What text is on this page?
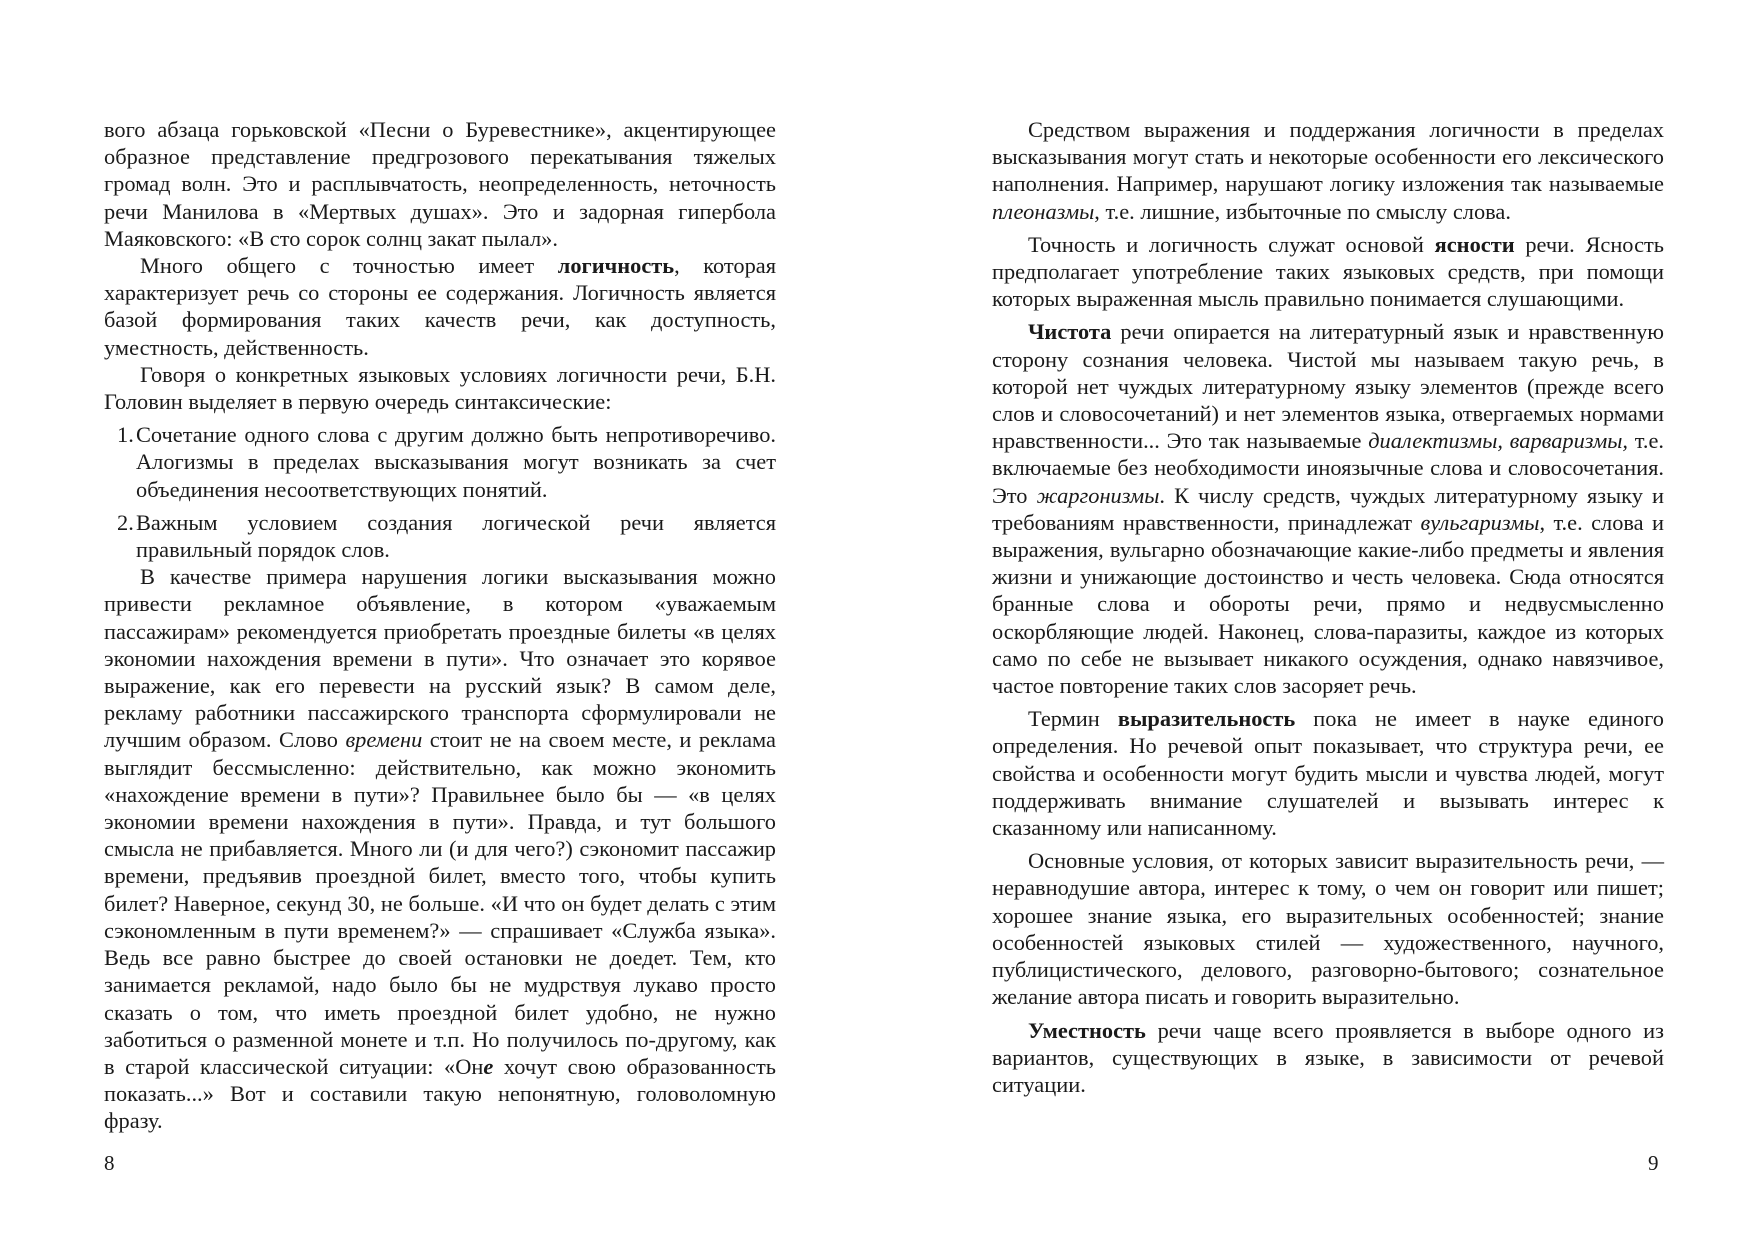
вого абзаца горьковской «Песни о Буревестнике», акцентирующее образное представление предгрозового перекатывания тяжелых громад волн. Это и расплывчатость, неопределенность, неточность речи Манилова в «Мертвых душах». Это и задорная гипербола Маяковского: «В сто сорок солнц закат пылал».

Много общего с точностью имеет логичность, которая характеризует речь со стороны ее содержания. Логичность является базой формирования таких качеств речи, как доступность, уместность, действенность.

Говоря о конкретных языковых условиях логичности речи, Б.Н. Головин выделяет в первую очередь синтаксические:

1. Сочетание одного слова с другим должно быть непротиворечиво. Алогизмы в пределах высказывания могут возникать за счет объединения несоответствующих понятий.
2. Важным условием создания логической речи является правильный порядок слов.

В качестве примера нарушения логики высказывания можно привести рекламное объявление, в котором «уважаемым пассажирам» рекомендуется приобретать проездные билеты «в целях экономии нахождения времени в пути». Что означает это корявое выражение, как его перевести на русский язык? В самом деле, рекламу работники пассажирского транспорта сформулировали не лучшим образом. Слово времени стоит не на своем месте, и реклама выглядит бессмысленно: действительно, как можно экономить «нахождение времени в пути»? Правильнее было бы — «в целях экономии времени нахождения в пути». Правда, и тут большого смысла не прибавляется. Много ли (и для чего?) сэкономит пассажир времени, предъявив проездной билет, вместо того, чтобы купить билет? Наверное, секунд 30, не больше. «И что он будет делать с этим сэкономленным в пути временем?» — спрашивает «Служба языка». Ведь все равно быстрее до своей остановки не доедет. Тем, кто занимается рекламой, надо было бы не мудрствуя лукаво просто сказать о том, что иметь проездной билет удобно, не нужно заботиться о разменной монете и т.п. Но получилось по-другому, как в старой классической ситуации: «Оне хочут свою образованность показать...» Вот и составили такую непонятную, головоломную фразу.

8

Средством выражения и поддержания логичности в пределах высказывания могут стать и некоторые особенности его лексического наполнения. Например, нарушают логику изложения так называемые плеоназмы, т.е. лишние, избыточные по смыслу слова.

Точность и логичность служат основой ясности речи. Ясность предполагает употребление таких языковых средств, при помощи которых выраженная мысль правильно понимается слушающими.

Чистота речи опирается на литературный язык и нравственную сторону сознания человека. Чистой мы называем такую речь, в которой нет чуждых литературному языку элементов (прежде всего слов и словосочетаний) и нет элементов языка, отвергаемых нормами нравственности... Это так называемые диалектизмы, варваризмы, т.е. включаемые без необходимости иноязычные слова и словосочетания. Это жаргонизмы. К числу средств, чуждых литературному языку и требованиям нравственности, принадлежат вульгаризмы, т.е. слова и выражения, вульгарно обозначающие какие-либо предметы и явления жизни и унижающие достоинство и честь человека. Сюда относятся бранные слова и обороты речи, прямо и недвусмысленно оскорбляющие людей. Наконец, слова-паразиты, каждое из которых само по себе не вызывает никакого осуждения, однако навязчивое, частое повторение таких слов засоряет речь.

Термин выразительность пока не имеет в науке единого определения. Но речевой опыт показывает, что структура речи, ее свойства и особенности могут будить мысли и чувства людей, могут поддерживать внимание слушателей и вызывать интерес к сказанному или написанному.

Основные условия, от которых зависит выразительность речи, — неравнодушие автора, интерес к тому, о чем он говорит или пишет; хорошее знание языка, его выразительных особенностей; знание особенностей языковых стилей — художественного, научного, публицистического, делового, разговорно-бытового; сознательное желание автора писать и говорить выразительно.

Уместность речи чаще всего проявляется в выборе одного из вариантов, существующих в языке, в зависимости от речевой ситуации.

9
